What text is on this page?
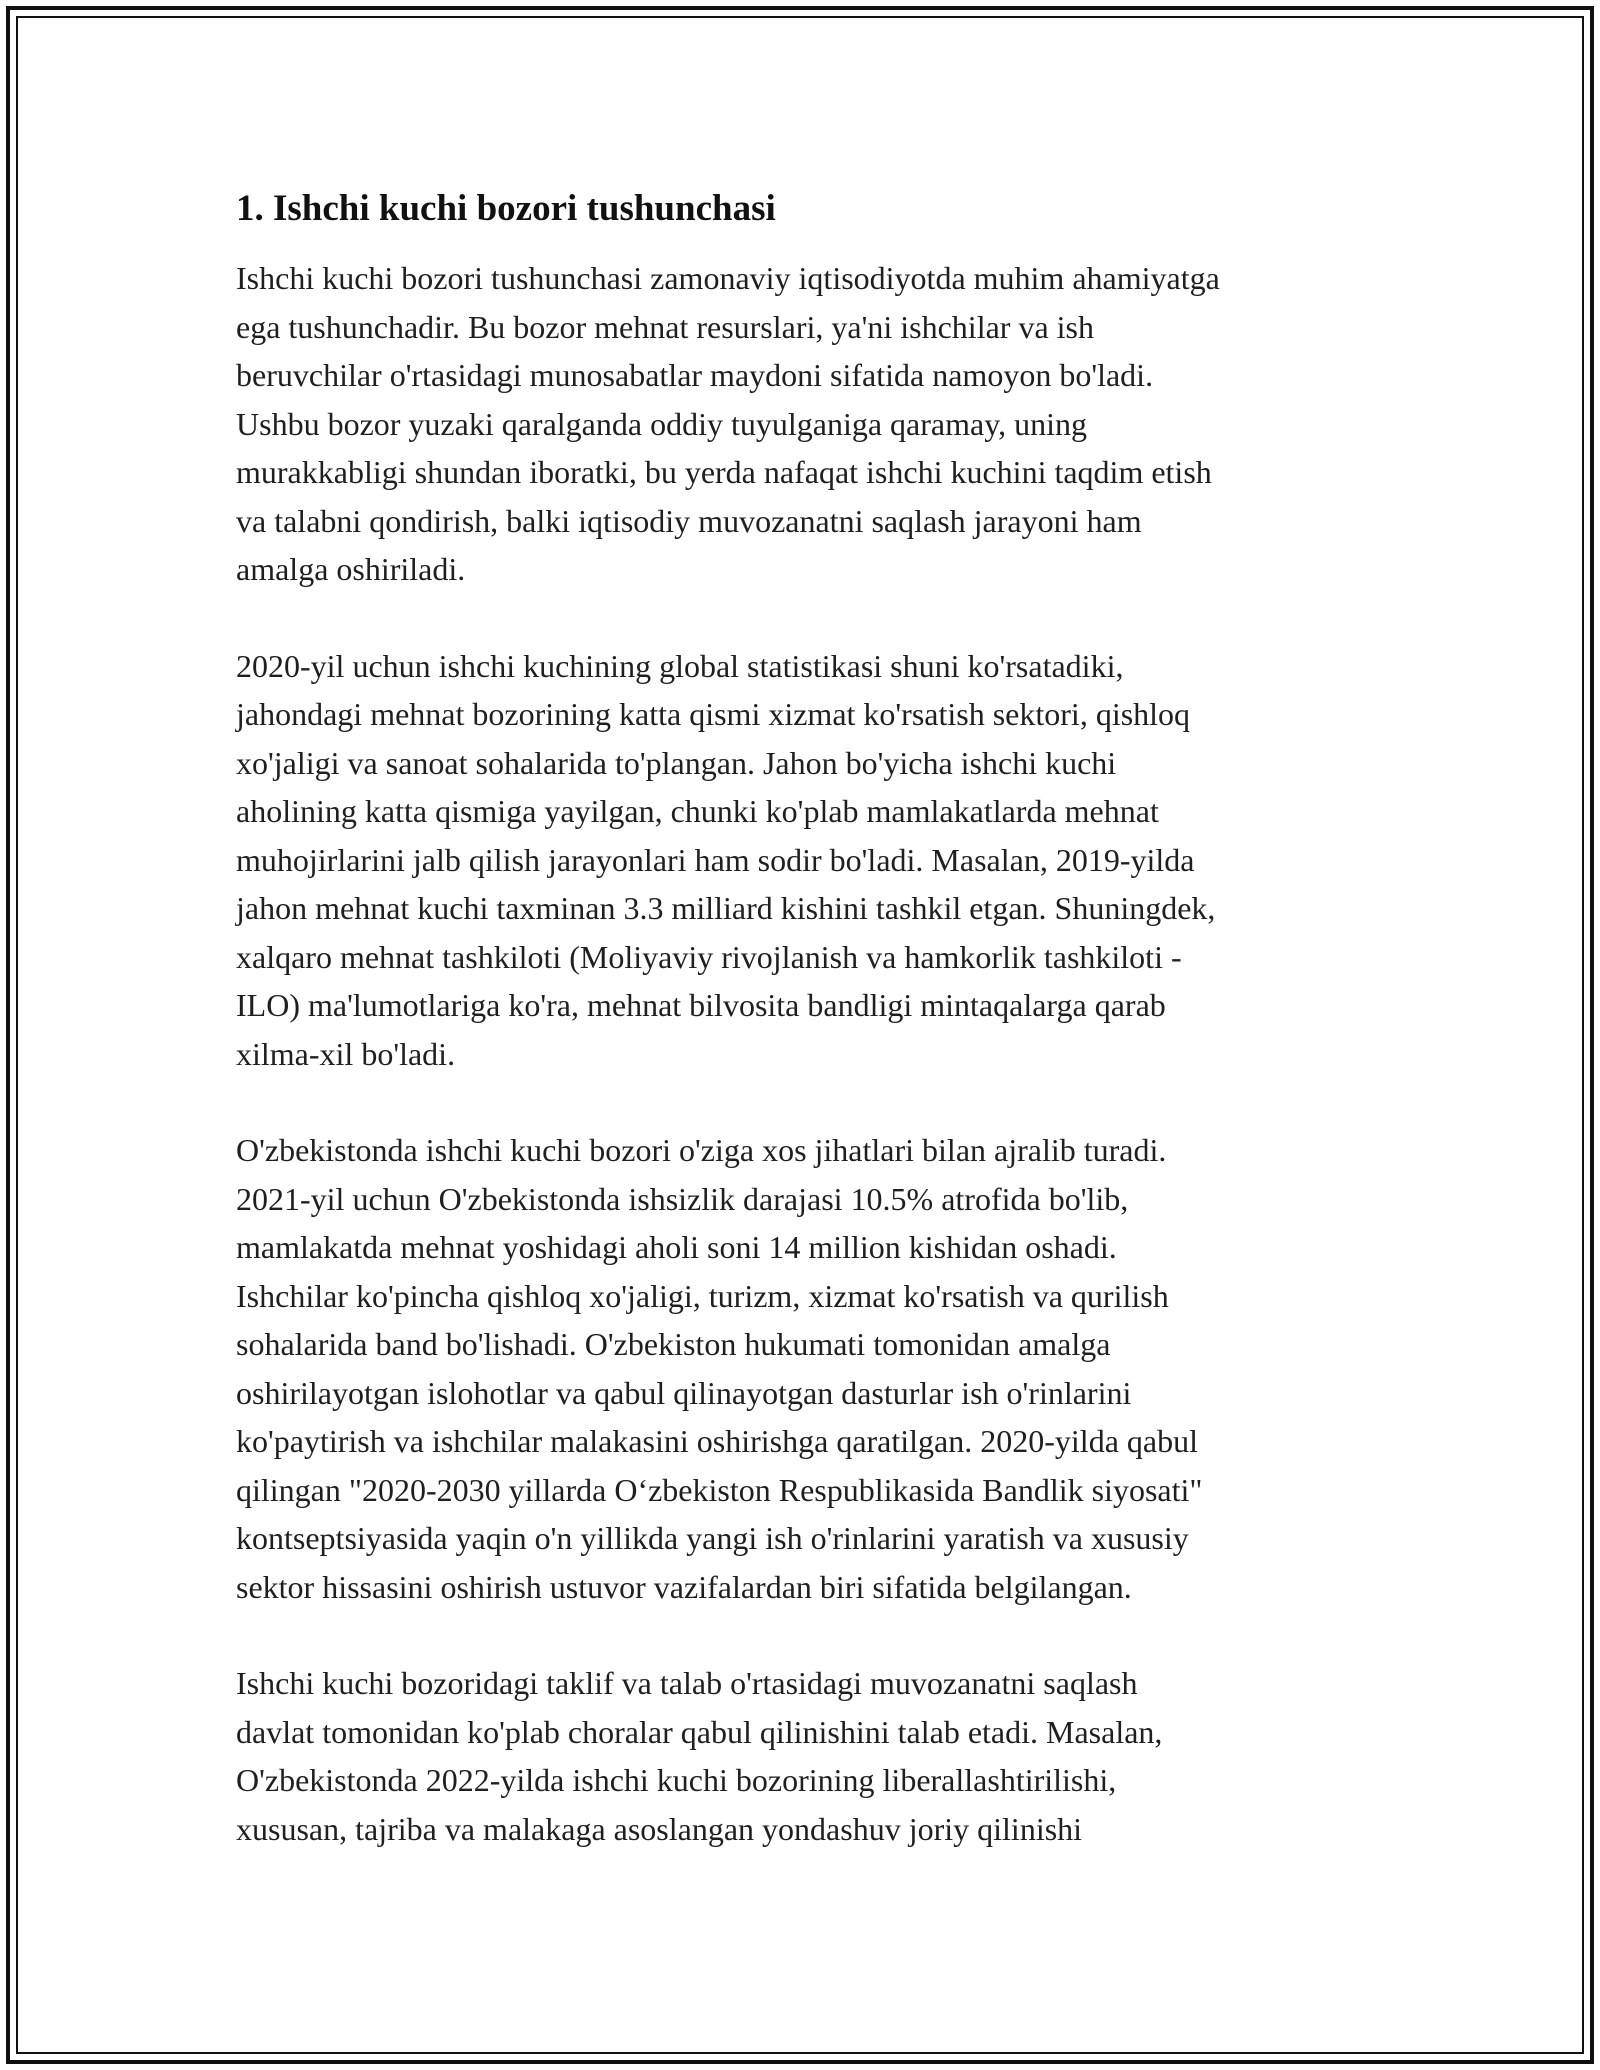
1. Ishchi kuchi bozori tushunchasi

Ishchi kuchi bozori tushunchasi zamonaviy iqtisodiyotda muhim ahamiyatga
ega tushunchadir. Bu bozor mehnat resurslari, ya'ni ishchilar va ish
beruvchilar o'rtasidagi munosabatlar maydoni sifatida namoyon bo'ladi.
Ushbu bozor yuzaki qaralganda oddiy tuyulganiga qaramay, uning
murakkabligi shundan iboratki, bu yerda nafaqat ishchi kuchini taqdim etish
va talabni qondirish, balki iqtisodiy muvozanatni saqlash jarayoni ham
amalga oshiriladi.

2020-yil uchun ishchi kuchining global statistikasi shuni ko'rsatadiki,
jahondagi mehnat bozorining katta qismi xizmat ko'rsatish sektori, qishloq
xo'jaligi va sanoat sohalarida to'plangan. Jahon bo'yicha ishchi kuchi
aholining katta qismiga yayilgan, chunki ko'plab mamlakatlarda mehnat
muhojirlarini jalb qilish jarayonlari ham sodir bo'ladi. Masalan, 2019-yilda
jahon mehnat kuchi taxminan 3.3 milliard kishini tashkil etgan. Shuningdek,
xalqaro mehnat tashkiloti (Moliyaviy rivojlanish va hamkorlik tashkiloti -
ILO) ma'lumotlariga ko'ra, mehnat bilvosita bandligi mintaqalarga qarab
xilma-xil bo'ladi.

O'zbekistonda ishchi kuchi bozori o'ziga xos jihatlari bilan ajralib turadi.
2021-yil uchun O'zbekistonda ishsizlik darajasi 10.5% atrofida bo'lib,
mamlakatda mehnat yoshidagi aholi soni 14 million kishidan oshadi.
Ishchilar ko'pincha qishloq xo'jaligi, turizm, xizmat ko'rsatish va qurilish
sohalarida band bo'lishadi. O'zbekiston hukumati tomonidan amalga
oshirilayotgan islohotlar va qabul qilinayotgan dasturlar ish o'rinlarini
ko'paytirish va ishchilar malakasini oshirishga qaratilgan. 2020-yilda qabul
qilingan "2020-2030 yillarda O‘zbekiston Respublikasida Bandlik siyosati"
kontseptsiyasida yaqin o'n yillikda yangi ish o'rinlarini yaratish va xususiy
sektor hissasini oshirish ustuvor vazifalardan biri sifatida belgilangan.

Ishchi kuchi bozoridagi taklif va talab o'rtasidagi muvozanatni saqlash
davlat tomonidan ko'plab choralar qabul qilinishini talab etadi. Masalan,
O'zbekistonda 2022-yilda ishchi kuchi bozorining liberallashtirilishi,
xususan, tajriba va malakaga asoslangan yondashuv joriy qilinishi
